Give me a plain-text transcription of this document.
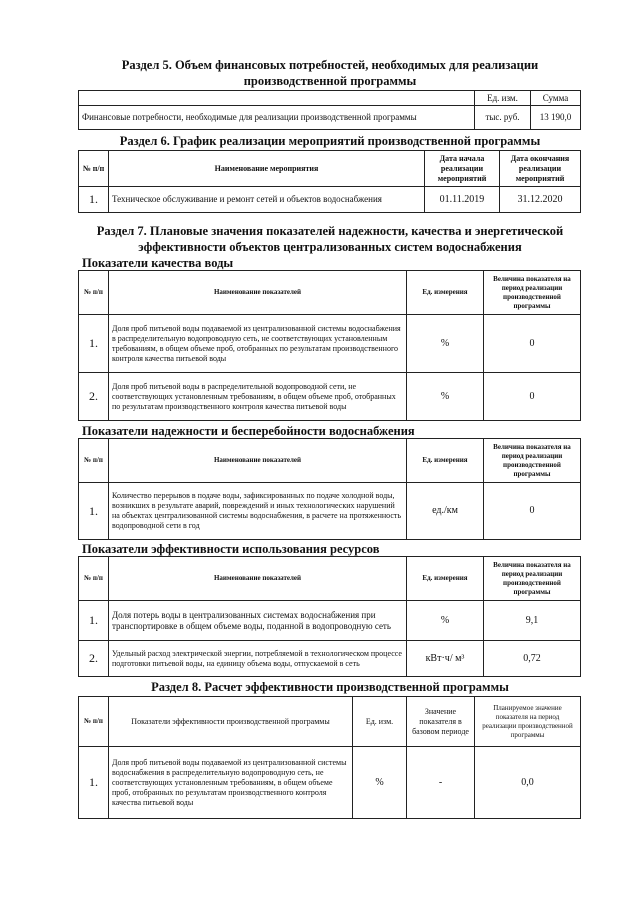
Раздел 5. Объем финансовых потребностей, необходимых для реализации
производственной программы
	Ед. изм.	Сумма
Финансовые потребности, необходимые для реализации производственной программы	тыс. руб.	13 190,0
Раздел 6. График реализации мероприятий производственной программы
№ п/п	Наименование мероприятия	Дата начала реализации мероприятий	Дата окончания реализации мероприятий
1.	Техническое обслуживание и ремонт сетей и объектов водоснабжения	01.11.2019	31.12.2020
Раздел 7. Плановые значения показателей надежности, качества и энергетической
эффективности объектов централизованных систем водоснабжения
Показатели качества воды
№ п/п	Наименование показателей	Ед. измерения	Величина показателя на период реализации производственной программы
1.	Доля проб питьевой воды подаваемой из централизованной системы водоснабжения в распределительную водопроводную сеть, не соответствующих установленным требованиям, в общем объеме проб, отобранных по результатам производственного контроля качества питьевой воды	%	0
2.	Доля проб питьевой воды в распределительной водопроводной сети, не соответствующих установленным требованиям, в общем объеме проб, отобранных по результатам производственного контроля качества питьевой воды	%	0
Показатели надежности и бесперебойности водоснабжения
№ п/п	Наименование показателей	Ед. измерения	Величина показателя на период реализации производственной программы
1.	Количество перерывов в подаче воды, зафиксированных по подаче холодной воды, возникших в результате аварий, повреждений и иных технологических нарушений на объектах централизованной системы водоснабжения, в расчете на протяженность водопроводной сети в год	ед./км	0
Показатели эффективности использования ресурсов
№ п/п	Наименование показателей	Ед. измерения	Величина показателя на период реализации производственной программы
1.	Доля потерь воды в централизованных системах водоснабжения при транспортировке в общем объеме воды, поданной в водопроводную сеть	%	9,1
2.	Удельный расход электрической энергии, потребляемой в технологическом процессе подготовки питьевой воды, на единицу объема воды, отпускаемой в сеть	кВт·ч/ м³	0,72
Раздел 8. Расчет эффективности производственной программы
№ п/п	Показатели эффективности производственной программы	Ед. изм.	Значение показателя в базовом периоде	Планируемое значение показателя на период реализации производственной программы
1.	Доля проб питьевой воды подаваемой из централизованной системы водоснабжения в распределительную водопроводную сеть, не соответствующих установленным требованиям, в общем объеме проб, отобранных по результатам производственного контроля качества питьевой воды	%	-	0,0
